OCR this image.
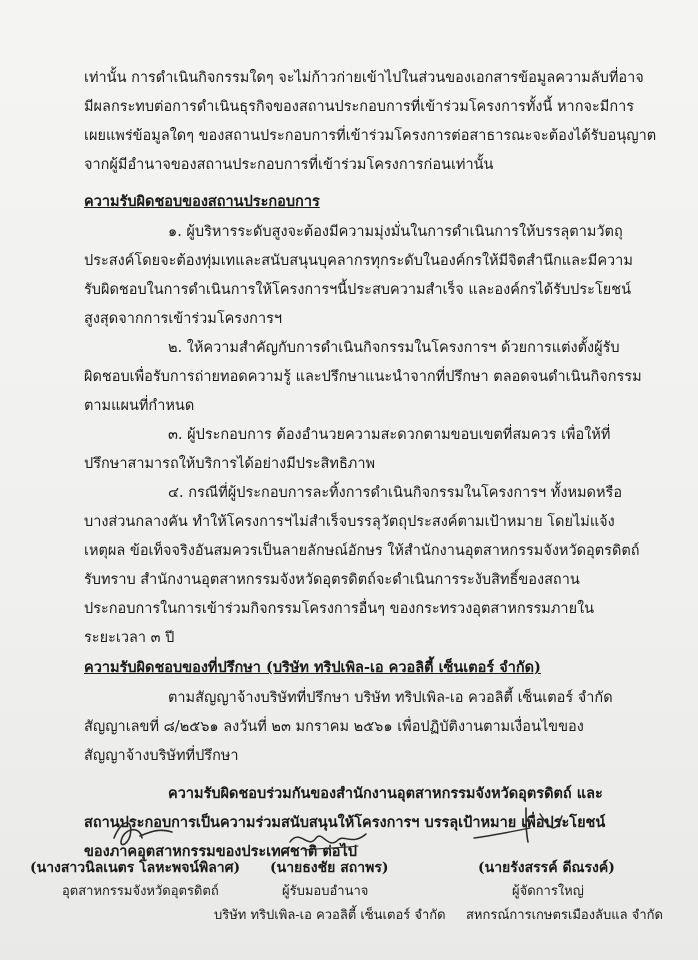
เท่านั้น การดำเนินกิจกรรมใดๆ จะไม่ก้าวก่ายเข้าไปในส่วนของเอกสารข้อมูลความลับที่อาจ
มีผลกระทบต่อการดำเนินธุรกิจของสถานประกอบการที่เข้าร่วมโครงการทั้งนี้ หากจะมีการ
เผยแพร่ข้อมูลใดๆ ของสถานประกอบการที่เข้าร่วมโครงการต่อสาธารณะจะต้องได้รับอนุญาต
จากผู้มีอำนาจของสถานประกอบการที่เข้าร่วมโครงการก่อนเท่านั้น
ความรับผิดชอบของสถานประกอบการ
๑. ผู้บริหารระดับสูงจะต้องมีความมุ่งมั่นในการดำเนินการให้บรรลุตามวัตถุ
ประสงค์โดยจะต้องทุ่มเทและสนับสนุนบุคลากรทุกระดับในองค์กรให้มีจิตสำนึกและมีความ
รับผิดชอบในการดำเนินการให้โครงการฯนี้ประสบความสำเร็จ และองค์กรได้รับประโยชน์
สูงสุดจากการเข้าร่วมโครงการฯ
๒. ให้ความสำคัญกับการดำเนินกิจกรรมในโครงการฯ ด้วยการแต่งตั้งผู้รับ
ผิดชอบเพื่อรับการถ่ายทอดความรู้ และปรึกษาแนะนำจากที่ปรึกษา ตลอดจนดำเนินกิจกรรม
ตามแผนที่กำหนด
๓. ผู้ประกอบการ ต้องอำนวยความสะดวกตามขอบเขตที่สมควร เพื่อให้ที่
ปรึกษาสามารถให้บริการได้อย่างมีประสิทธิภาพ
๔. กรณีที่ผู้ประกอบการละทิ้งการดำเนินกิจกรรมในโครงการฯ ทั้งหมดหรือ
บางส่วนกลางคัน ทำให้โครงการฯไม่สำเร็จบรรลุวัตถุประสงค์ตามเป้าหมาย โดยไม่แจ้ง
เหตุผล ข้อเท็จจริงอันสมควรเป็นลายลักษณ์อักษร ให้สำนักงานอุตสาหกรรมจังหวัดอุตรดิตถ์
รับทราบ สำนักงานอุตสาหกรรมจังหวัดอุตรดิตถ์จะดำเนินการระงับสิทธิ์ของสถาน
ประกอบการในการเข้าร่วมกิจกรรมโครงการอื่นๆ ของกระทรวงอุตสาหกรรมภายใน
ระยะเวลา ๓ ปี
ความรับผิดชอบของที่ปรึกษา (บริษัท ทริปเพิล-เอ ควอลิตี้ เซ็นเตอร์ จำกัด)
ตามสัญญาจ้างบริษัทที่ปรึกษา บริษัท ทริปเพิล-เอ ควอลิตี้ เซ็นเตอร์ จำกัด
สัญญาเลขที่ ๘/๒๕๖๑ ลงวันที่ ๒๓ มกราคม ๒๕๖๑ เพื่อปฏิบัติงานตามเงื่อนไขของ
สัญญาจ้างบริษัทที่ปรึกษา
ความรับผิดชอบร่วมกันของสำนักงานอุตสาหกรรมจังหวัดอุตรดิตถ์ และ
สถานประกอบการเป็นความร่วมสนับสนุนให้โครงการฯ บรรลุเป้าหมาย เพื่อประโยชน์
ของภาคอุตสาหกรรมของประเทศชาติ ต่อไป
(นางสาวนิลเนตร โลหะพจน์พิลาศ)
อุตสาหกรรมจังหวัดอุตรดิตถ์
(นายธงชัย สถาพร)
ผู้รับมอบอำนาจ
บริษัท ทริปเพิล-เอ ควอลิตี้ เซ็นเตอร์ จำกัด
(นายรังสรรค์ ดีณรงค์)
ผู้จัดการใหญ่
สหกรณ์การเกษตรเมืองลับแล จำกัด
